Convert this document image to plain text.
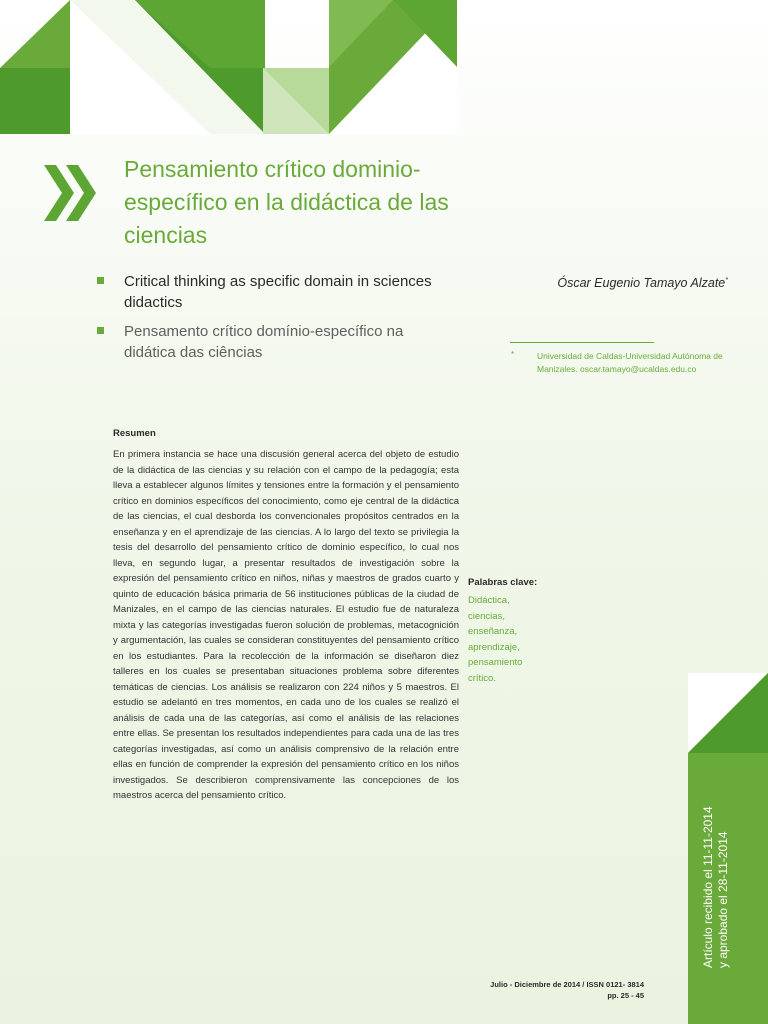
Pensamiento crítico dominio-específico en la didáctica de las ciencias

Critical thinking as specific domain in sciences didactics

Pensamento crítico domínio-específico na didática das ciências

Óscar Eugenio Tamayo Alzate*
*	Universidad de Caldas-Universidad Autónoma de Manizales. oscar.tamayo@ucaldas.edu.co
Resumen

En primera instancia se hace una discusión general acerca del objeto de estudio de la didáctica de las ciencias y su relación con el campo de la pedagogía; esta lleva a establecer algunos límites y tensiones entre la formación y el pensamiento crítico en dominios específicos del conocimiento, como eje central de la didáctica de las ciencias, el cual desborda los convencionales propósitos centrados en la enseñanza y en el aprendizaje de las ciencias. A lo largo del texto se privilegia la tesis del desarrollo del pensamiento crítico de dominio específico, lo cual nos lleva, en segundo lugar, a presentar resultados de investigación sobre la expresión del pensamiento crítico en niños, niñas y maestros de grados cuarto y quinto de educación básica primaria de 56 instituciones públicas de la ciudad de Manizales, en el campo de las ciencias naturales. El estudio fue de naturaleza mixta y las categorías investigadas fueron solución de problemas, metacognición y argumentación, las cuales se consideran constituyentes del pensamiento crítico en los estudiantes. Para la recolección de la información se diseñaron diez talleres en los cuales se presentaban situaciones problema sobre diferentes temáticas de ciencias. Los análisis se realizaron con 224 niños y 5 maestros. El estudio se adelantó en tres momentos, en cada uno de los cuales se realizó el análisis de cada una de las categorías, así como el análisis de las relaciones entre ellas. Se presentan los resultados independientes para cada una de las tres categorías investigadas, así como un análisis comprensivo de la relación entre ellas en función de comprender la expresión del pensamiento crítico en los niños investigados. Se describieron comprensivamente las concepciones de los maestros acerca del pensamiento crítico.

Palabras clave:
Didáctica,
ciencias,
enseñanza,
aprendizaje,
pensamiento
crítico.
Artículo recibido el 11-11-2014 y aprobado el 28-11-2014
Julio - Diciembre de 2014 / ISSN 0121- 3814
pp. 25 - 45
